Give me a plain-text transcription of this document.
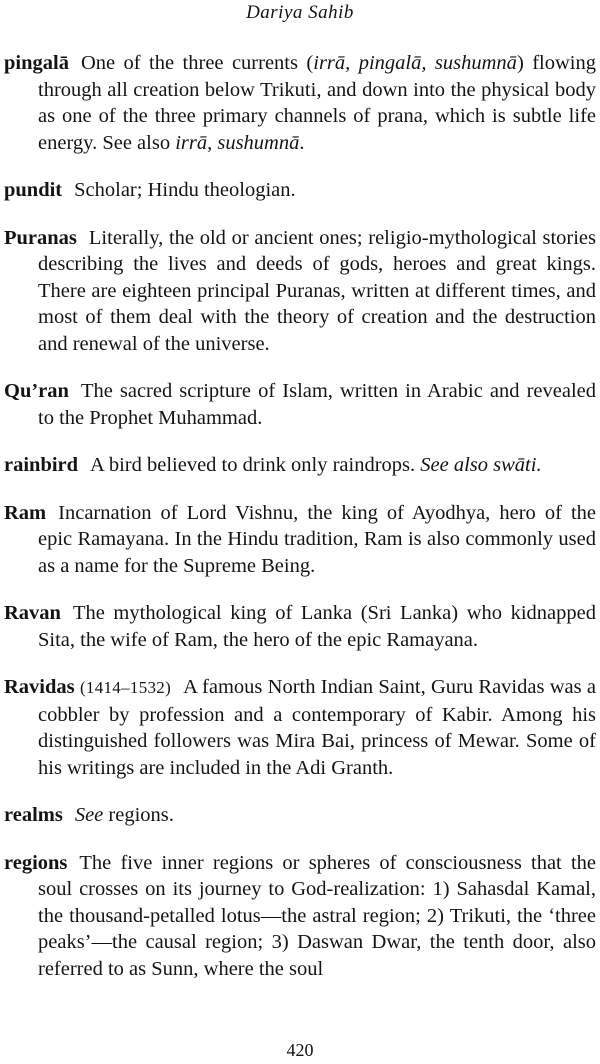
Dariya Sahib

pingalā One of the three currents (irrā, pingalā, sushumnā) flowing through all creation below Trikuti, and down into the physical body as one of the three primary channels of prana, which is subtle life energy. See also irrā, sushumnā.

pundit Scholar; Hindu theologian.

Puranas Literally, the old or ancient ones; religio-mythological stories describing the lives and deeds of gods, heroes and great kings. There are eighteen principal Puranas, written at different times, and most of them deal with the theory of creation and the destruction and renewal of the universe.

Qu’ran The sacred scripture of Islam, written in Arabic and revealed to the Prophet Muhammad.

rainbird A bird believed to drink only raindrops. See also swāti.

Ram Incarnation of Lord Vishnu, the king of Ayodhya, hero of the epic Ramayana. In the Hindu tradition, Ram is also commonly used as a name for the Supreme Being.

Ravan The mythological king of Lanka (Sri Lanka) who kidnapped Sita, the wife of Ram, the hero of the epic Ramayana.

Ravidas (1414–1532) A famous North Indian Saint, Guru Ravidas was a cobbler by profession and a contemporary of Kabir. Among his distinguished followers was Mira Bai, princess of Mewar. Some of his writings are included in the Adi Granth.

realms See regions.

regions The five inner regions or spheres of consciousness that the soul crosses on its journey to God-realization: 1) Sahasdal Kamal, the thousand-petalled lotus—the astral region; 2) Trikuti, the ‘three peaks’—the causal region; 3) Daswan Dwar, the tenth door, also referred to as Sunn, where the soul

420
